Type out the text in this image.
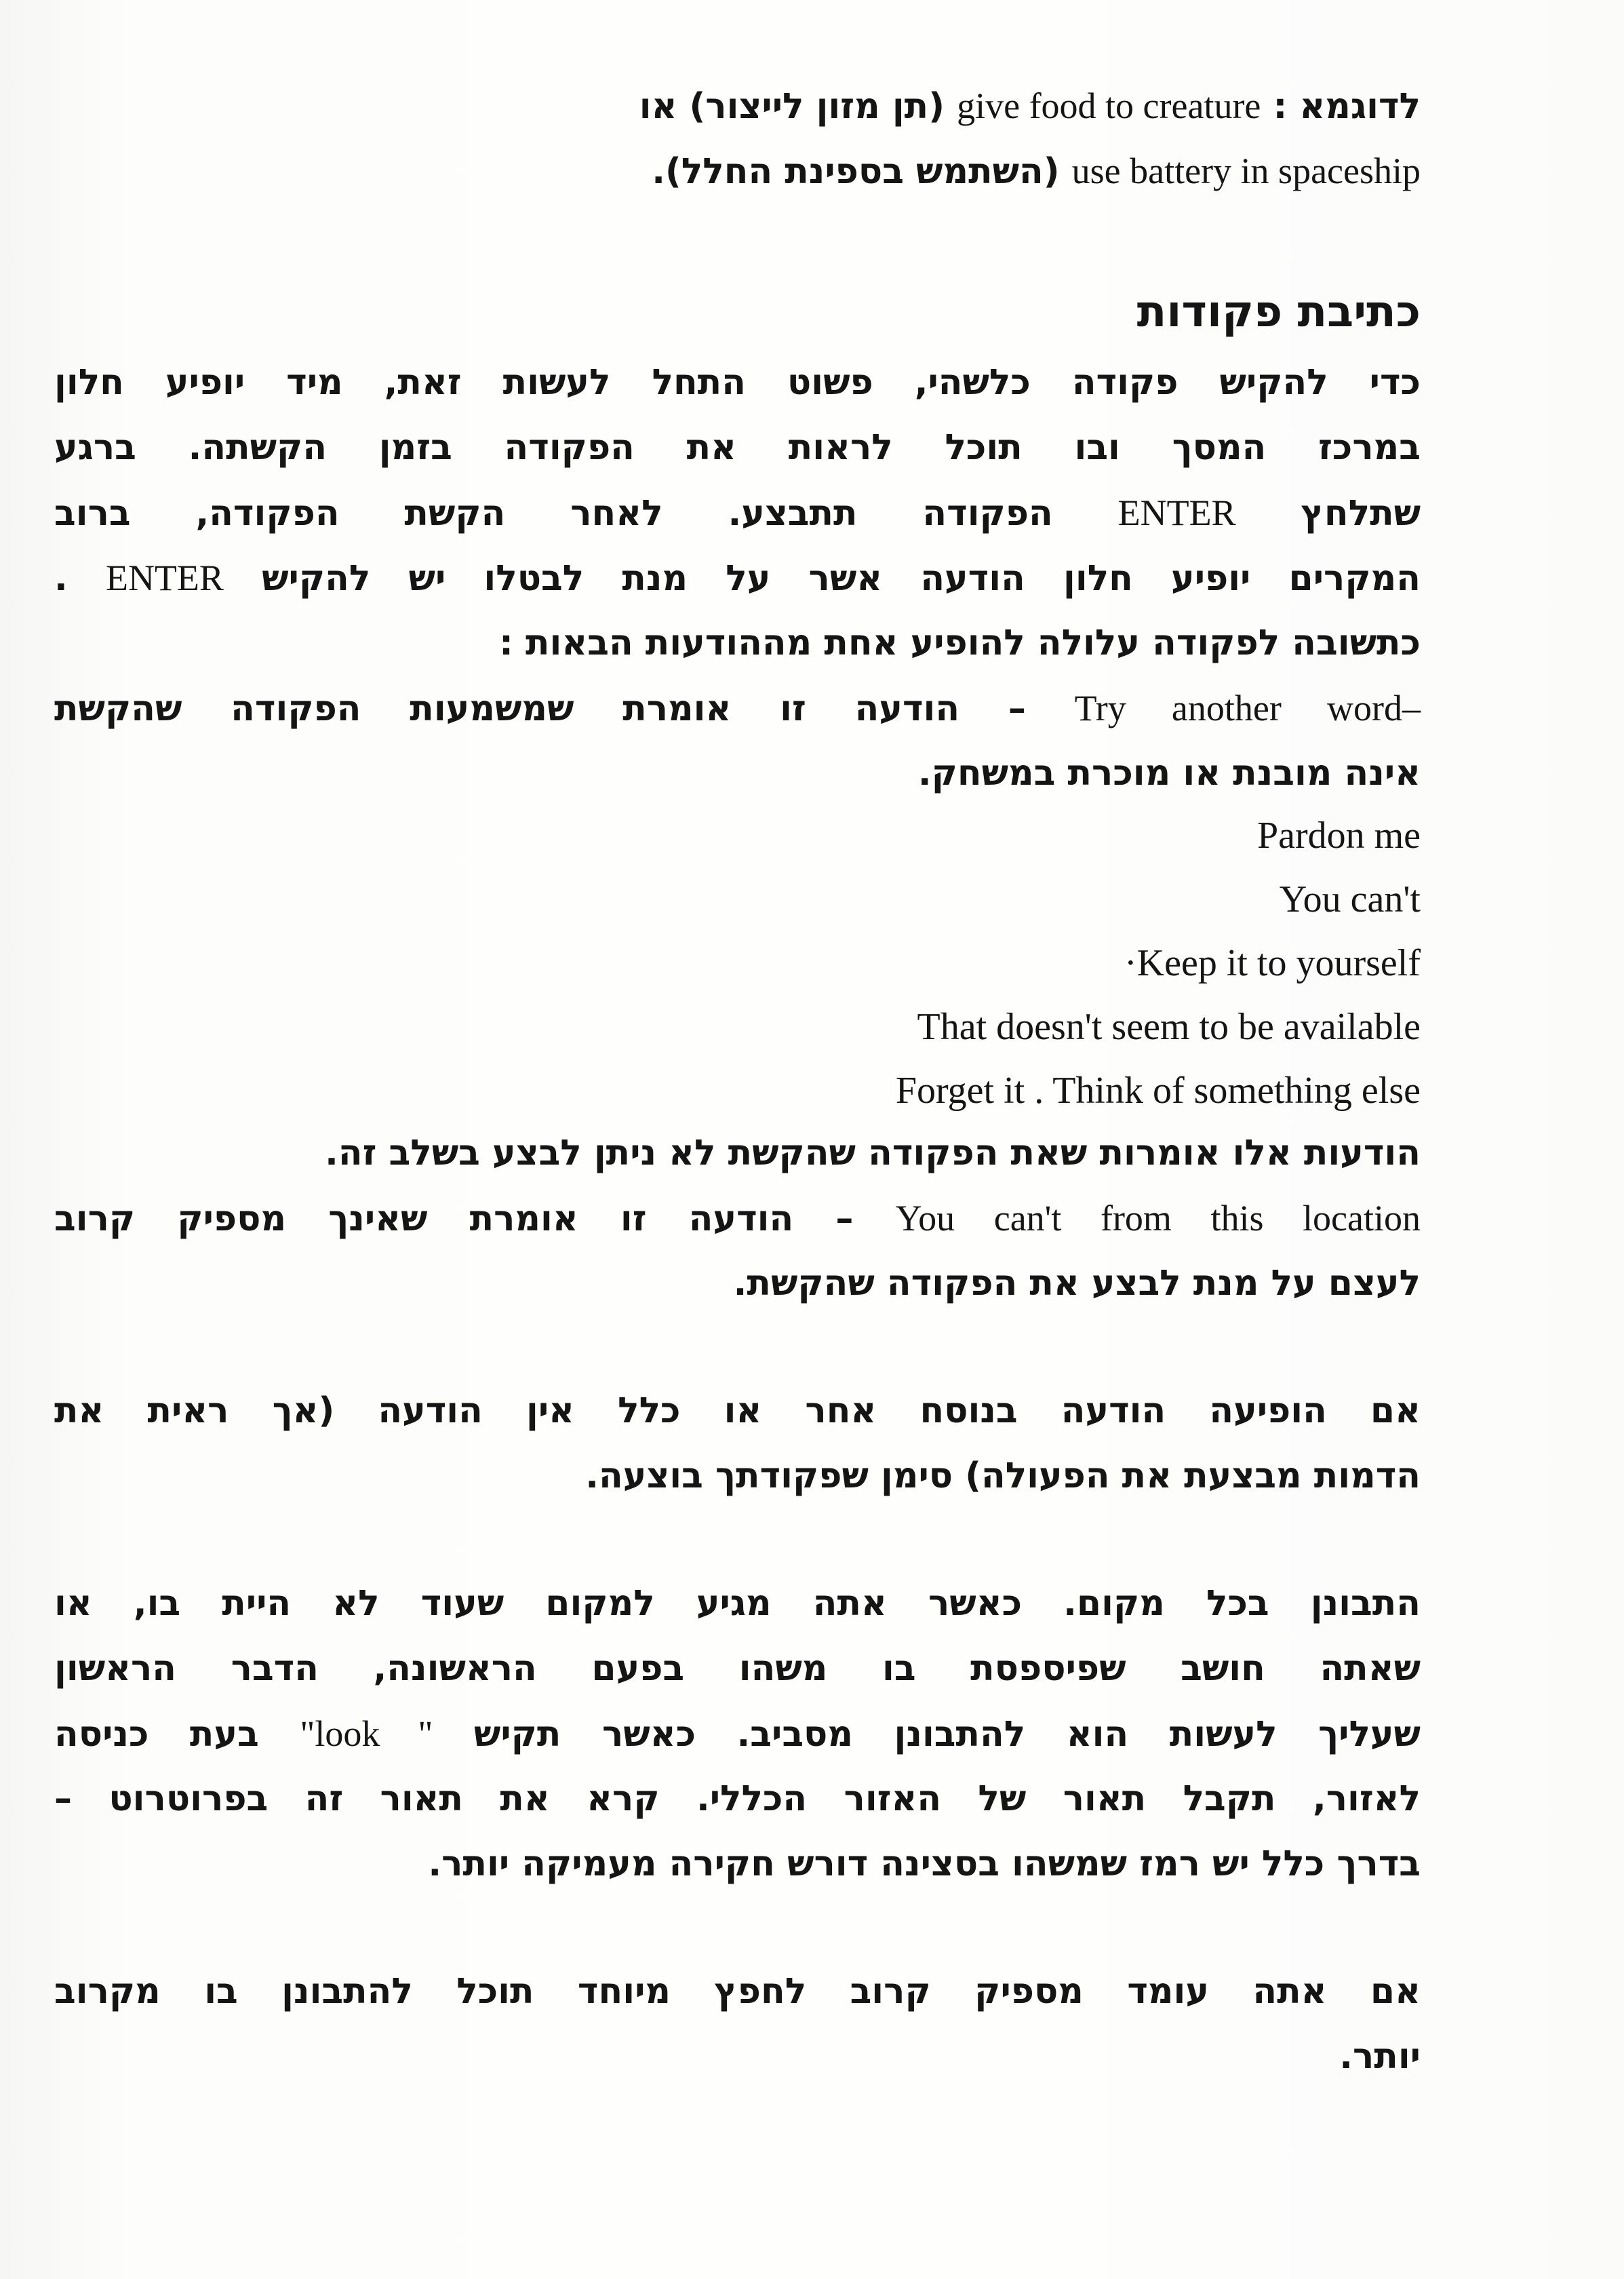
לדוגמא : give food to creature (תן מזון לייצור) או
use battery in spaceship (השתמש בספינת החלל).
כתיבת פקודות
כדי להקיש פקודה כלשהי, פשוט התחל לעשות זאת, מיד יופיע חלון
במרכז המסך ובו תוכל לראות את הפקודה בזמן הקשתה. ברגע
שתלחץ ENTER הפקודה תתבצע. לאחר הקשת הפקודה, ברוב
המקרים יופיע חלון הודעה אשר על מנת לבטלו יש להקיש ENTER .
כתשובה לפקודה עלולה להופיע אחת מההודעות הבאות :
Try another word– – הודעה זו אומרת שמשמעות הפקודה שהקשת
אינה מובנת או מוכרת במשחק.
Pardon me
You can't
·Keep it to yourself
That doesn't seem to be available
Forget it . Think of something else
הודעות אלו אומרות שאת הפקודה שהקשת לא ניתן לבצע בשלב זה.
You can't from this location – הודעה זו אומרת שאינך מספיק קרוב
לעצם על מנת לבצע את הפקודה שהקשת.
אם הופיעה הודעה בנוסח אחר או כלל אין הודעה (אך ראית את
הדמות מבצעת את הפעולה) סימן שפקודתך בוצעה.
התבונן בכל מקום. כאשר אתה מגיע למקום שעוד לא היית בו, או
שאתה חושב שפיספסת בו משהו בפעם הראשונה, הדבר הראשון
שעליך לעשות הוא להתבונן מסביב. כאשר תקיש "look " בעת כניסה
לאזור, תקבל תאור של האזור הכללי. קרא את תאור זה בפרוטרוט –
בדרך כלל יש רמז שמשהו בסצינה דורש חקירה מעמיקה יותר.
אם אתה עומד מספיק קרוב לחפץ מיוחד תוכל להתבונן בו מקרוב
יותר.
